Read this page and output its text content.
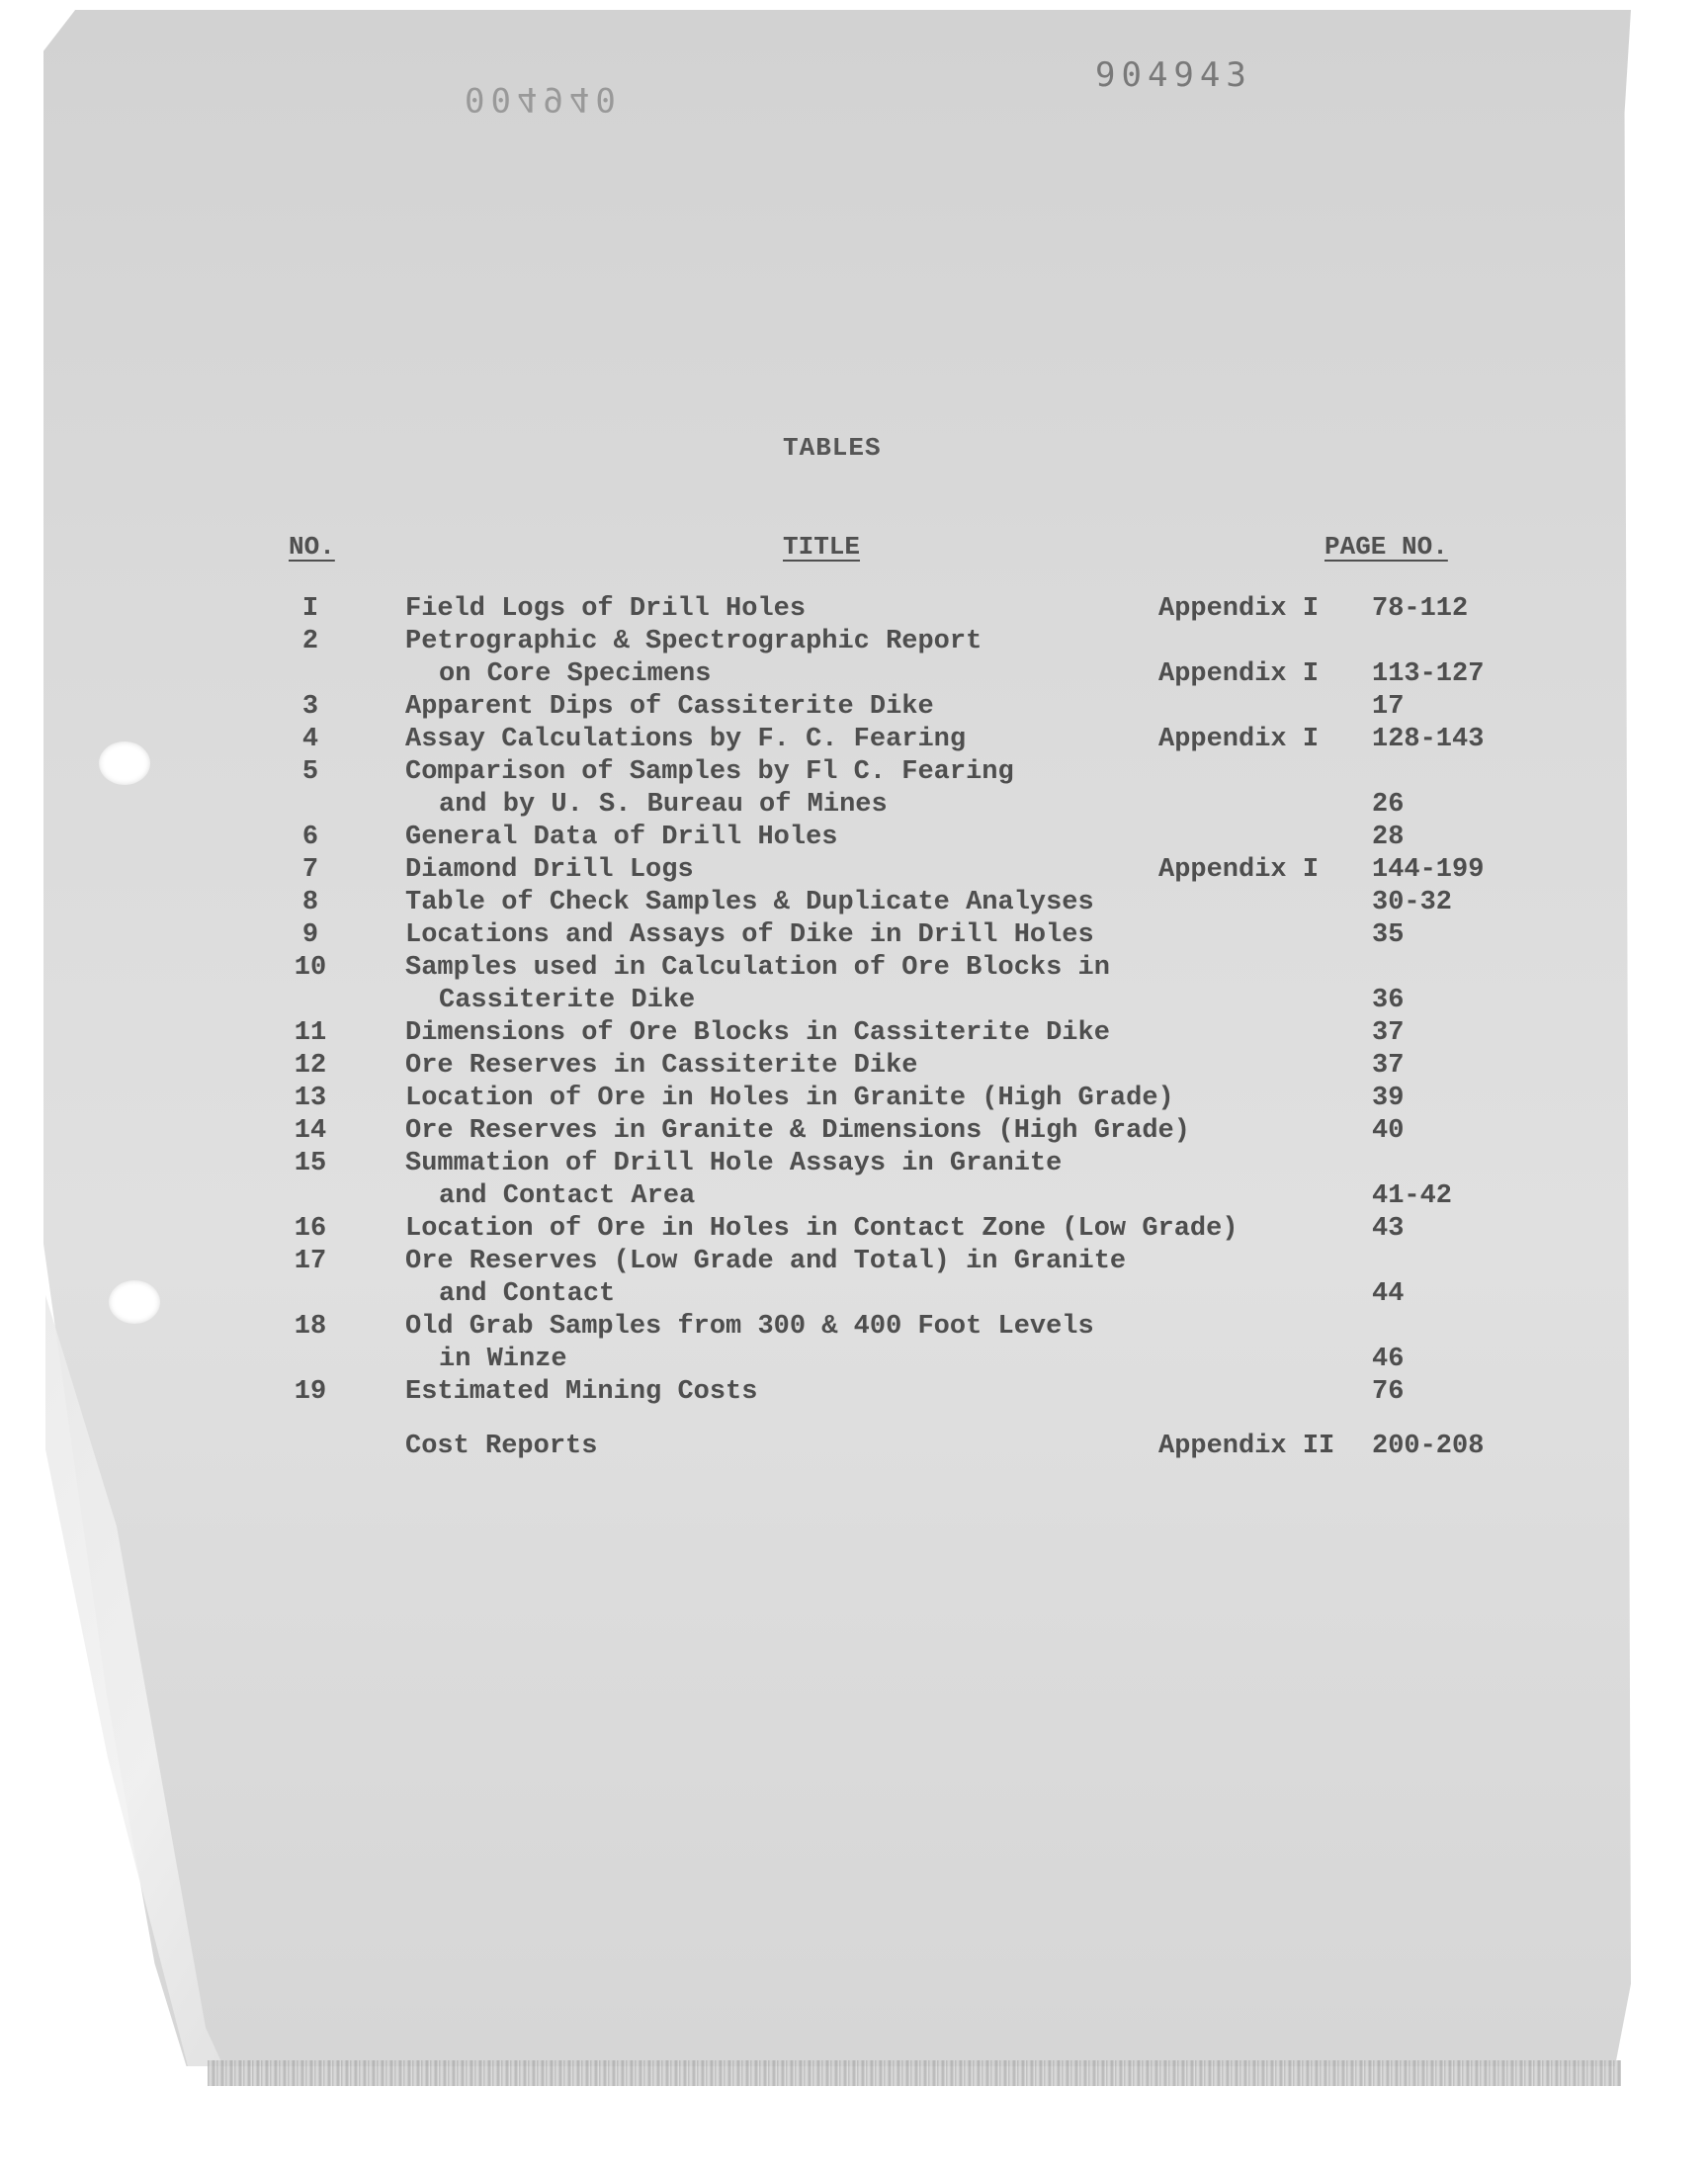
004940
904943
TABLES
NO.	TITLE	PAGE NO.
I	Field Logs of Drill Holes	Appendix I 78-112
2	Petrographic & Spectrographic Report
on Core Specimens	Appendix I 113-127
3	Apparent Dips of Cassiterite Dike	17
4	Assay Calculations by F. C. Fearing	Appendix I 128-143
5	Comparison of Samples by Fl C. Fearing
and by U. S. Bureau of Mines	26
6	General Data of Drill Holes	28
7	Diamond Drill Logs	Appendix I 144-199
8	Table of Check Samples & Duplicate Analyses	30-32
9	Locations and Assays of Dike in Drill Holes	35
10	Samples used in Calculation of Ore Blocks in
Cassiterite Dike	36
11	Dimensions of Ore Blocks in Cassiterite Dike	37
12	Ore Reserves in Cassiterite Dike	37
13	Location of Ore in Holes in Granite (High Grade)	39
14	Ore Reserves in Granite & Dimensions (High Grade)	40
15	Summation of Drill Hole Assays in Granite
and Contact Area	41-42
16	Location of Ore in Holes in Contact Zone (Low Grade)	43
17	Ore Reserves (Low Grade and Total) in Granite
and Contact	44
18	Old Grab Samples from 300 & 400 Foot Levels
in Winze	46
19	Estimated Mining Costs	76
Cost Reports	Appendix II 200-208
